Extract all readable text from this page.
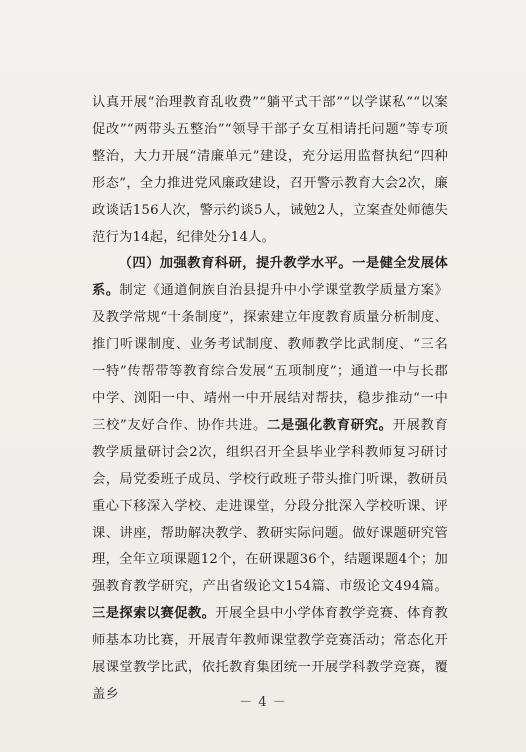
认真开展“治理教育乱收费”“躺平式干部”“以学谋私”“以案促改”“两带头五整治”“领导干部子女互相请托问题”等专项整治，大力开展“清廉单元”建设，充分运用监督执纪“四种形态”，全力推进党风廉政建设，召开警示教育大会2次，廉政谈话156人次，警示约谈5人，诫勉2人，立案查处师德失范行为14起，纪律处分14人。

（四）加强教育科研，提升教学水平。一是健全发展体系。制定《通道侗族自治县提升中小学课堂教学质量方案》及教学常规“十条制度”，探索建立年度教育质量分析制度、推门听课制度、业务考试制度、教师教学比武制度、“三名一特”传帮带等教育综合发展“五项制度”；通道一中与长郡中学、浏阳一中、靖州一中开展结对帮扶，稳步推动“一中三校”友好合作、协作共进。二是强化教育研究。开展教育教学质量研讨会2次，组织召开全县毕业学科教师复习研讨会，局党委班子成员、学校行政班子带头推门听课，教研员重心下移深入学校、走进课堂，分段分批深入学校听课、评课、讲座，帮助解决教学、教研实际问题。做好课题研究管理，全年立项课题12个，在研课题36个，结题课题4个；加强教育教学研究，产出省级论文154篇、市级论文494篇。三是探索以赛促教。开展全县中小学体育教学竞赛、体育教师基本功比赛，开展青年教师课堂教学竞赛活动；常态化开展课堂教学比武，依托教育集团统一开展学科教学竞赛，覆盖乡

－ 4 －
